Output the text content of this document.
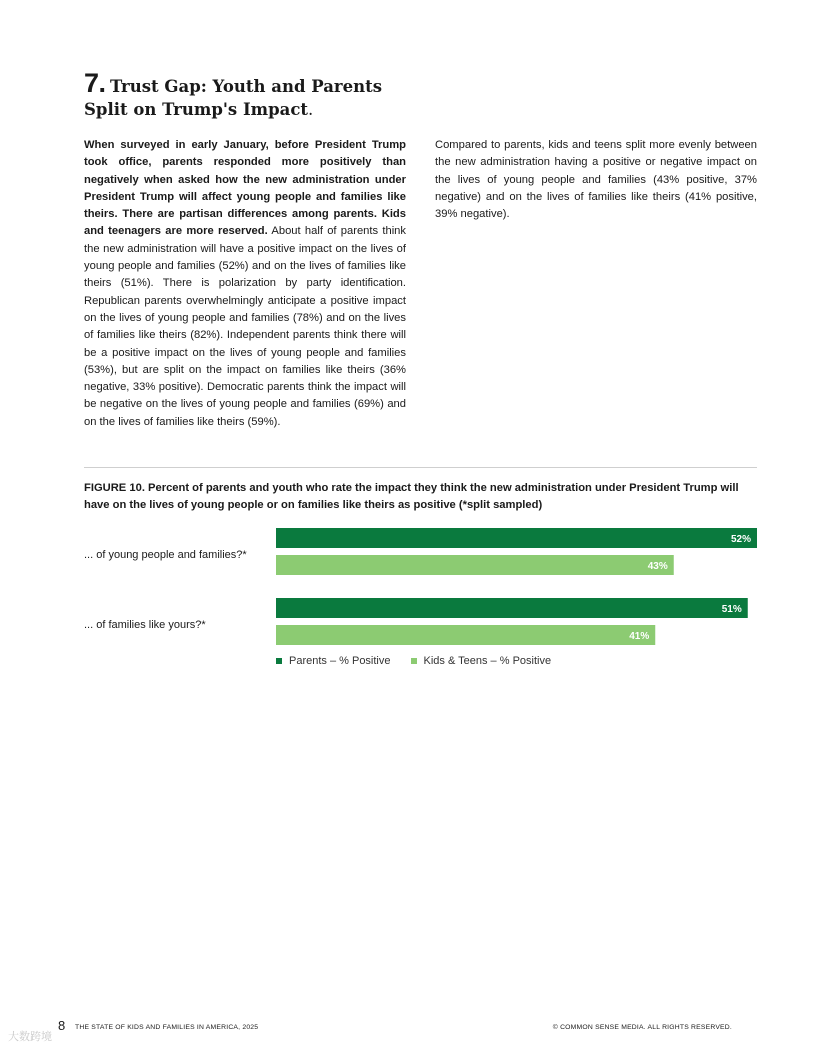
7. Trust Gap: Youth and Parents Split on Trump's Impact.
When surveyed in early January, before President Trump took office, parents responded more positively than negatively when asked how the new administration under President Trump will affect young people and families like theirs. There are partisan differences among parents. Kids and teenagers are more reserved. About half of parents think the new administration will have a positive impact on the lives of young people and families (52%) and on the lives of families like theirs (51%). There is polarization by party identification. Republican parents overwhelmingly anticipate a positive impact on the lives of young people and families (78%) and on the lives of families like theirs (82%). Independent parents think there will be a positive impact on the lives of young people and families (53%), but are split on the impact on families like theirs (36% negative, 33% positive). Democratic parents think the impact will be negative on the lives of young people and families (69%) and on the lives of families like theirs (59%).
Compared to parents, kids and teens split more evenly between the new administration having a positive or negative impact on the lives of young people and families (43% positive, 37% negative) and on the lives of families like theirs (41% positive, 39% negative).
FIGURE 10. Percent of parents and youth who rate the impact they think the new administration under President Trump will have on the lives of young people or on families like theirs as positive (*split sampled)
... of young people and families?*
... of families like yours?*
52%
43%
51%
41%
Parents – % Positive	Kids & Teens – % Positive
8 THE STATE OF KIDS AND FAMILIES IN AMERICA, 2025	© COMMON SENSE MEDIA. ALL RIGHTS RESERVED.
大数跨境
